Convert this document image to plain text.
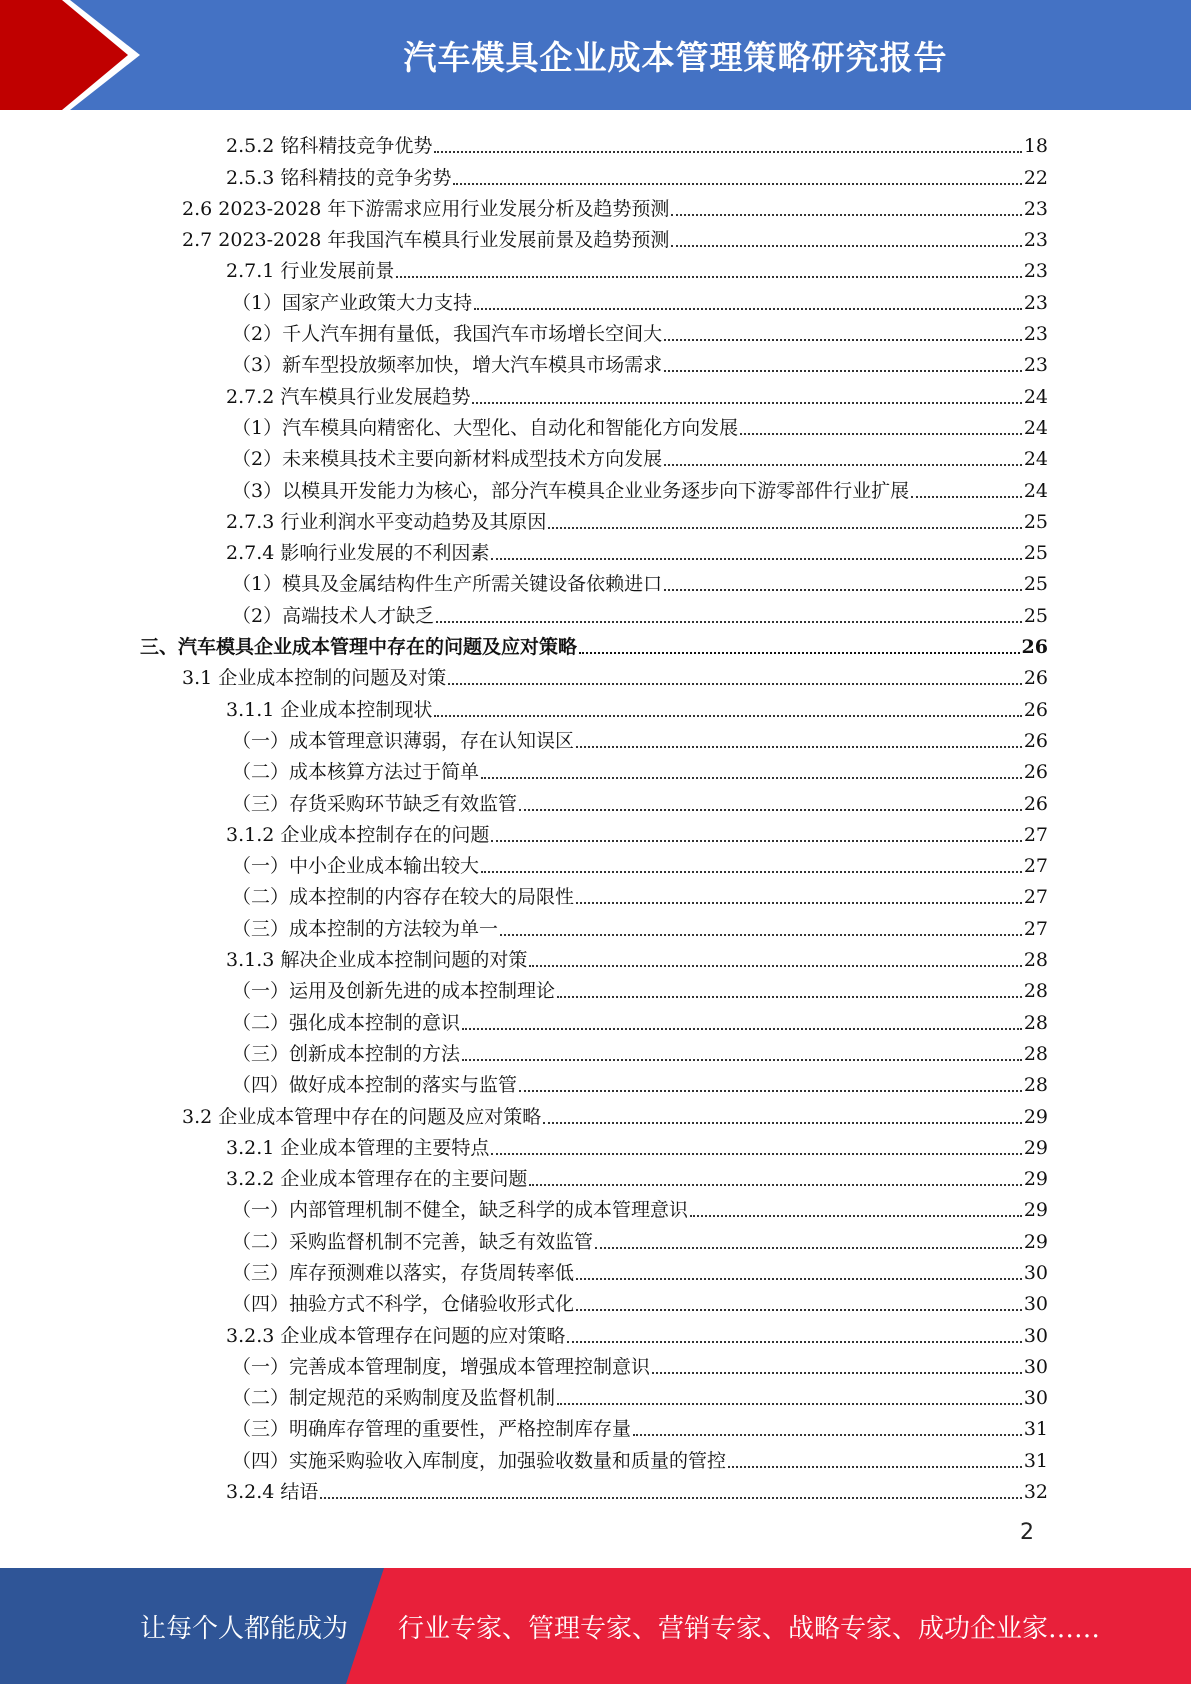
汽车模具企业成本管理策略研究报告
2.5.2 铭科精技竞争优势	18
2.5.3 铭科精技的竞争劣势	22
2.6 2023-2028 年下游需求应用行业发展分析及趋势预测	23
2.7 2023-2028 年我国汽车模具行业发展前景及趋势预测	23
2.7.1 行业发展前景	23
（1）国家产业政策大力支持	23
（2）千人汽车拥有量低，我国汽车市场增长空间大	23
（3）新车型投放频率加快，增大汽车模具市场需求	23
2.7.2 汽车模具行业发展趋势	24
（1）汽车模具向精密化、大型化、自动化和智能化方向发展	24
（2）未来模具技术主要向新材料成型技术方向发展	24
（3）以模具开发能力为核心，部分汽车模具企业业务逐步向下游零部件行业扩展	24
2.7.3 行业利润水平变动趋势及其原因	25
2.7.4 影响行业发展的不利因素	25
（1）模具及金属结构件生产所需关键设备依赖进口	25
（2）高端技术人才缺乏	25
三、汽车模具企业成本管理中存在的问题及应对策略	26
3.1 企业成本控制的问题及对策	26
3.1.1 企业成本控制现状	26
（一）成本管理意识薄弱，存在认知误区	26
（二）成本核算方法过于简单	26
（三）存货采购环节缺乏有效监管	26
3.1.2 企业成本控制存在的问题	27
（一）中小企业成本输出较大	27
（二）成本控制的内容存在较大的局限性	27
（三）成本控制的方法较为单一	27
3.1.3 解决企业成本控制问题的对策	28
（一）运用及创新先进的成本控制理论	28
（二）强化成本控制的意识	28
（三）创新成本控制的方法	28
（四）做好成本控制的落实与监管	28
3.2 企业成本管理中存在的问题及应对策略	29
3.2.1 企业成本管理的主要特点	29
3.2.2 企业成本管理存在的主要问题	29
（一）内部管理机制不健全，缺乏科学的成本管理意识	29
（二）采购监督机制不完善，缺乏有效监管	29
（三）库存预测难以落实，存货周转率低	30
（四）抽验方式不科学，仓储验收形式化	30
3.2.3 企业成本管理存在问题的应对策略	30
（一）完善成本管理制度，增强成本管理控制意识	30
（二）制定规范的采购制度及监督机制	30
（三）明确库存管理的重要性，严格控制库存量	31
（四）实施采购验收入库制度，加强验收数量和质量的管控	31
3.2.4 结语	32
2
让每个人都能成为 行业专家、管理专家、营销专家、战略专家、成功企业家……
